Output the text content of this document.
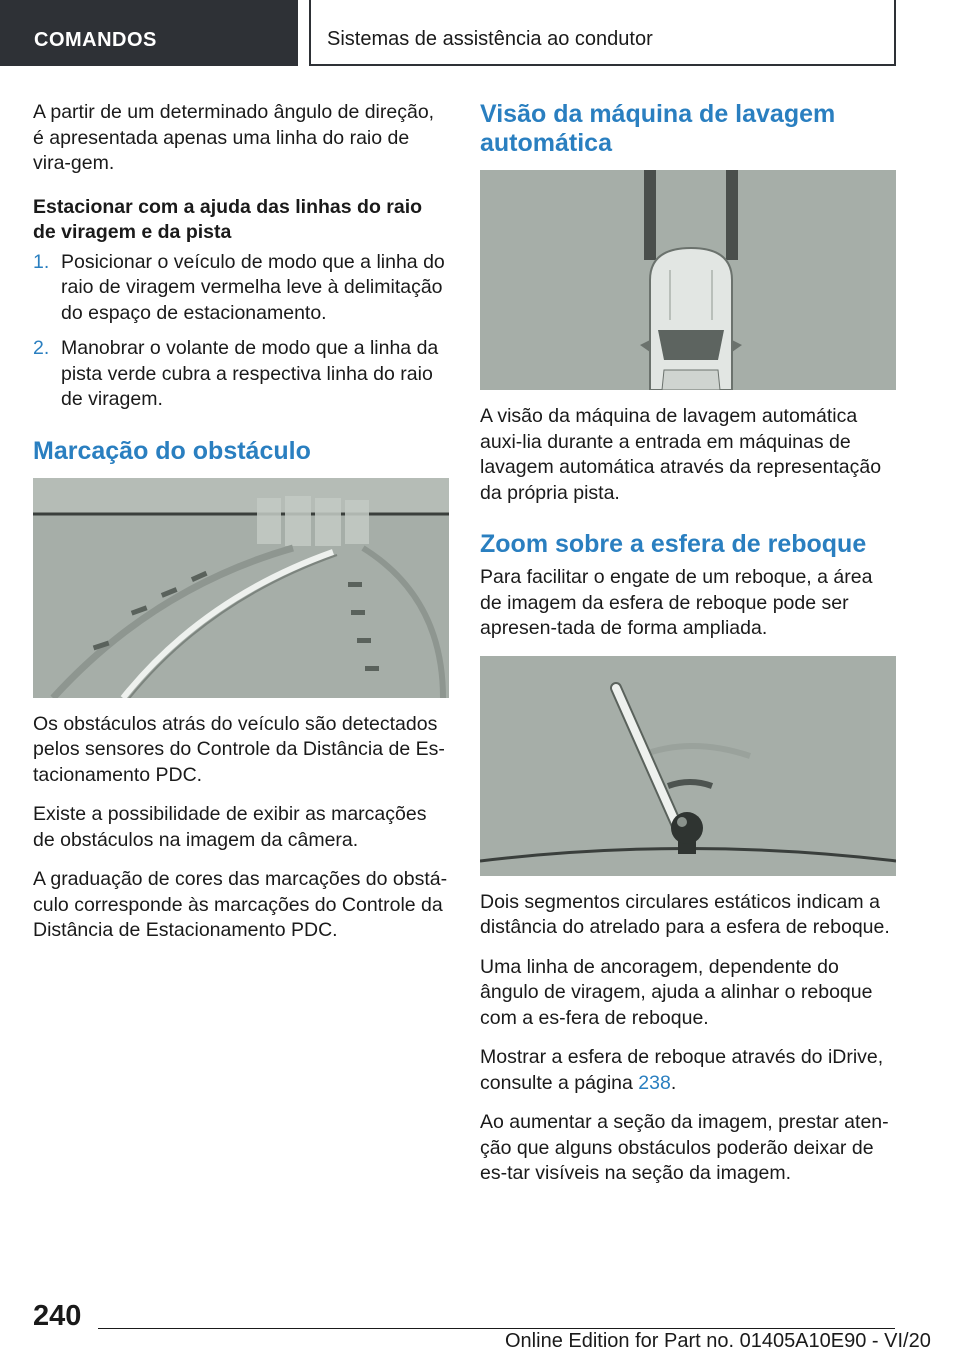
COMANDOS	Sistemas de assistência ao condutor

A partir de um determinado ângulo de direção, é apresentada apenas uma linha do raio de vira-gem.

Estacionar com a ajuda das linhas do raio de viragem e da pista
1. Posicionar o veículo de modo que a linha do raio de viragem vermelha leve à delimitação do espaço de estacionamento.
2. Manobrar o volante de modo que a linha da pista verde cubra a respectiva linha do raio de viragem.
Marcação do obstáculo

Os obstáculos atrás do veículo são detectados pelos sensores do Controle da Distância de Es-tacionamento PDC.

Existe a possibilidade de exibir as marcações de obstáculos na imagem da câmera.

A graduação de cores das marcações do obstá-culo corresponde às marcações do Controle da Distância de Estacionamento PDC.

Visão da máquina de lavagem automática

A visão da máquina de lavagem automática auxi-lia durante a entrada em máquinas de lavagem automática através da representação da própria pista.

Zoom sobre a esfera de reboque

Para facilitar o engate de um reboque, a área de imagem da esfera de reboque pode ser apresen-tada de forma ampliada.

Dois segmentos circulares estáticos indicam a distância do atrelado para a esfera de reboque.

Uma linha de ancoragem, dependente do ângulo de viragem, ajuda a alinhar o reboque com a es-fera de reboque.

Mostrar a esfera de reboque através do iDrive, consulte a página 238.

Ao aumentar a seção da imagem, prestar aten-ção que alguns obstáculos poderão deixar de es-tar visíveis na seção da imagem.

240
Online Edition for Part no. 01405A10E90 - VI/20
